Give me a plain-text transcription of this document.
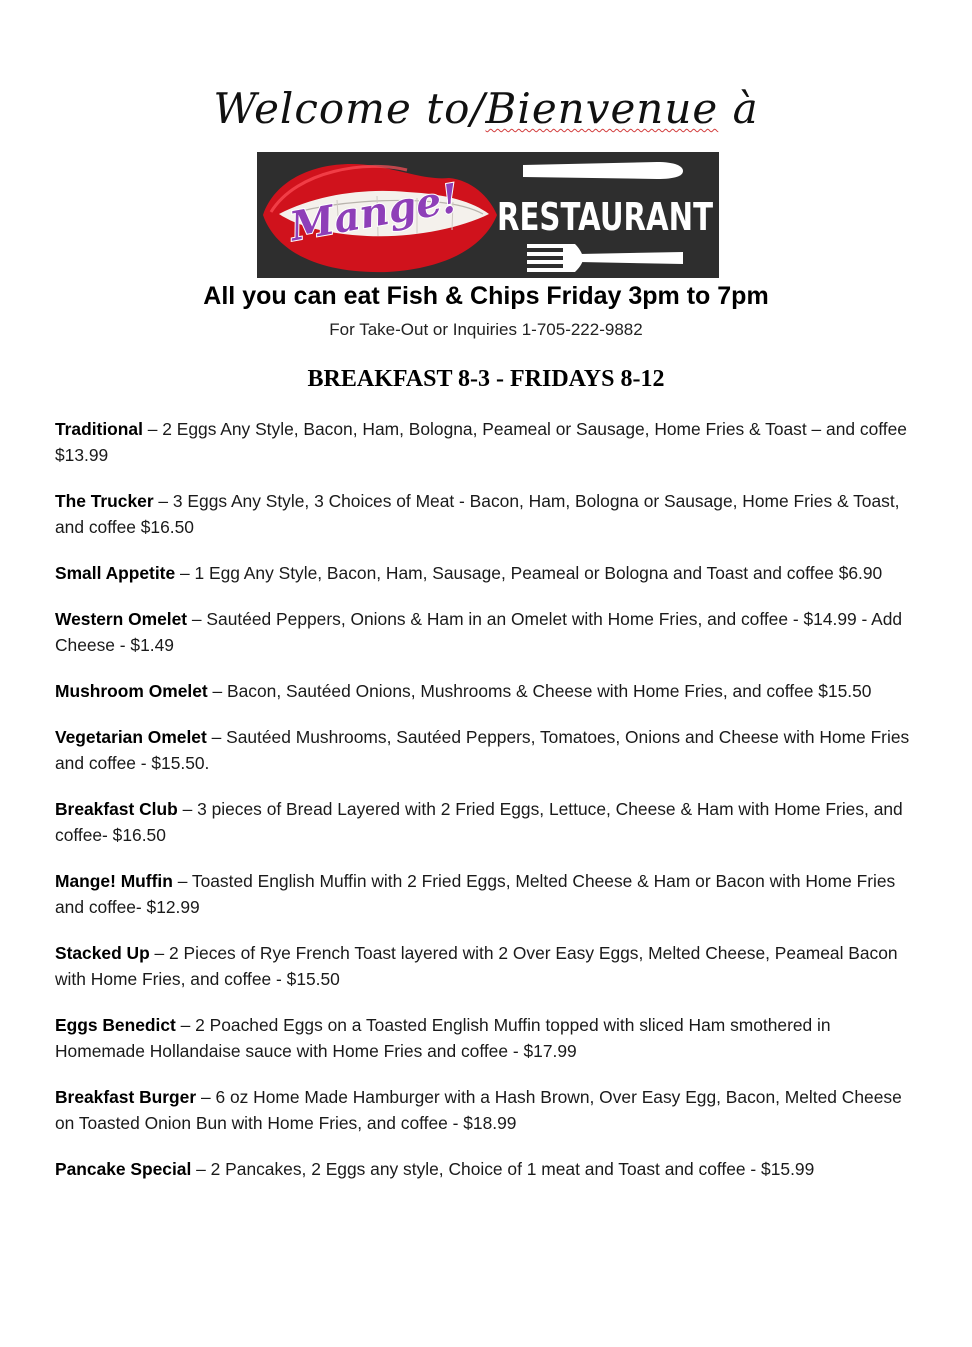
Welcome to/Bienvenue à
Mange! RESTAURANT
All you can eat Fish & Chips Friday 3pm to 7pm
For Take-Out or Inquiries 1-705-222-9882
BREAKFAST 8-3 - FRIDAYS 8-12

Traditional – 2 Eggs Any Style, Bacon, Ham, Bologna, Peameal or Sausage, Home Fries & Toast – and coffee $13.99

The Trucker – 3 Eggs Any Style, 3 Choices of Meat - Bacon, Ham, Bologna or Sausage, Home Fries & Toast, and coffee $16.50

Small Appetite – 1 Egg Any Style, Bacon, Ham, Sausage, Peameal or Bologna and Toast and coffee $6.90

Western Omelet – Sautéed Peppers, Onions & Ham in an Omelet with Home Fries, and coffee - $14.99 - Add Cheese - $1.49

Mushroom Omelet – Bacon, Sautéed Onions, Mushrooms & Cheese with Home Fries, and coffee $15.50

Vegetarian Omelet – Sautéed Mushrooms, Sautéed Peppers, Tomatoes, Onions and Cheese with Home Fries and coffee - $15.50.

Breakfast Club – 3 pieces of Bread Layered with 2 Fried Eggs, Lettuce, Cheese & Ham with Home Fries, and coffee- $16.50

Mange! Muffin – Toasted English Muffin with 2 Fried Eggs, Melted Cheese & Ham or Bacon with Home Fries and coffee- $12.99

Stacked Up – 2 Pieces of Rye French Toast layered with 2 Over Easy Eggs, Melted Cheese, Peameal Bacon with Home Fries, and coffee - $15.50

Eggs Benedict – 2 Poached Eggs on a Toasted English Muffin topped with sliced Ham smothered in Homemade Hollandaise sauce with Home Fries and coffee - $17.99

Breakfast Burger – 6 oz Home Made Hamburger with a Hash Brown, Over Easy Egg, Bacon, Melted Cheese on Toasted Onion Bun with Home Fries, and coffee - $18.99

Pancake Special – 2 Pancakes, 2 Eggs any style, Choice of 1 meat and Toast and coffee - $15.99
